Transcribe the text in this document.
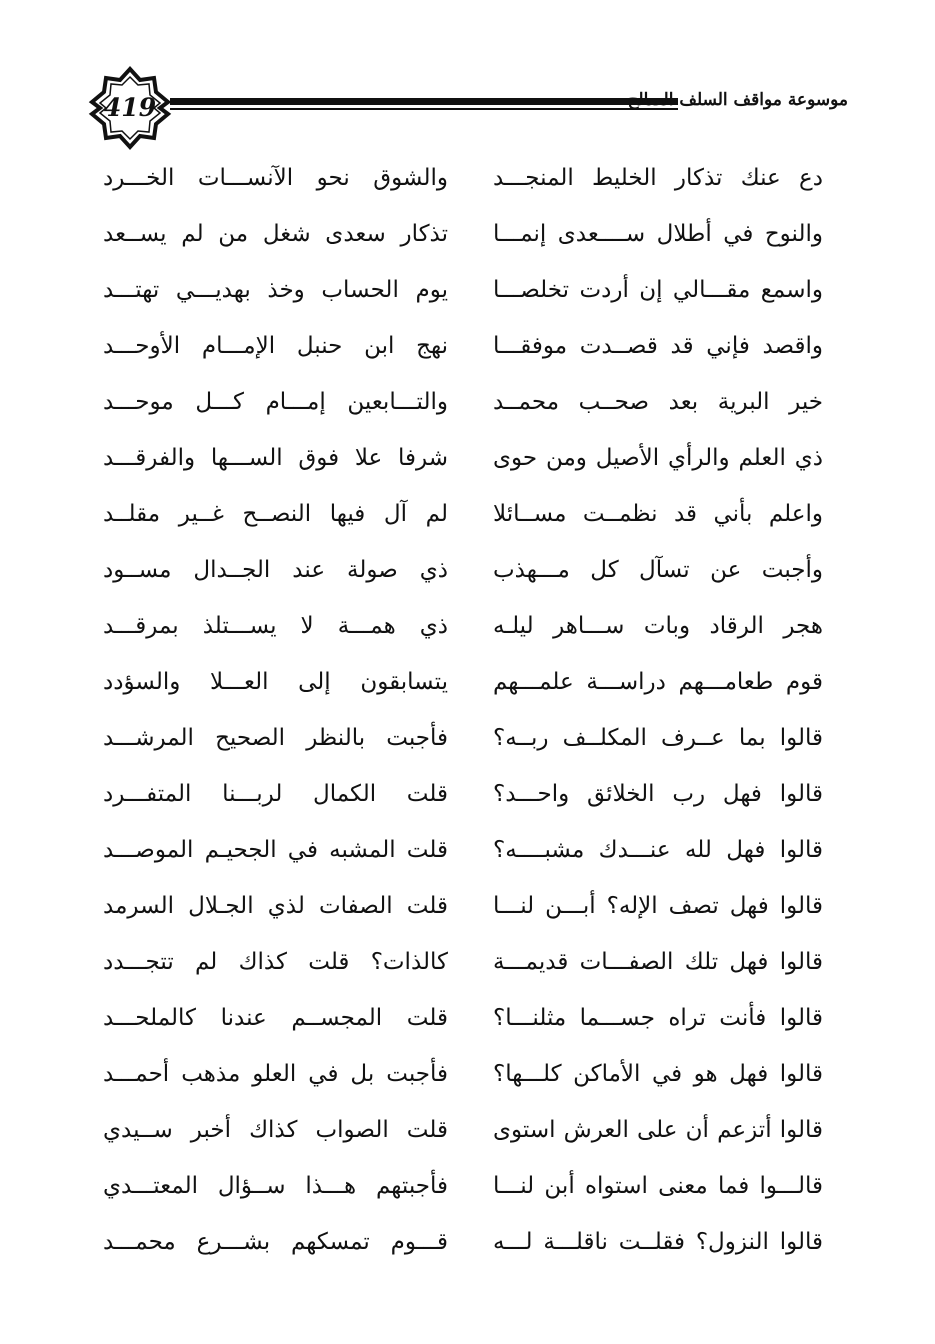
419	موسوعة مواقف السلف الصالح
دع عنك تذكار الخليط المنجـــد
والشوق نحو الآنســـات الخـــرد
والنوح في أطلال ســــعدى إنمـــا
تذكار سعدى شغل من لم يســعد
واسمع مقـــالي إن أردت تخلصـــا
يوم الحساب وخذ بهديـــي تهتـــد
واقصد فإني قد قصــدت موفقـــا
نهج ابن حنبل الإمـــام الأوحـــد
خير البرية بعد صحــب محمــد
والتـــابعين إمـــام كـــل موحـــد
ذي العلم والرأي الأصيل ومن حوى
شرفا علا فوق الســـها والفرقـــد
واعلم بأني قد نظمــت مســائلا
لم آل فيها النصــح غــير مقلــد
وأجبت عن تسآل كل مـــهذب
ذي صولة عند الجــدال مســود
هجر الرقاد وبات ســـاهر ليلـه
ذي همـــة لا يســـتلذ بمرقـــد
قوم طعامـــهم دراســـة علمـــهم
يتسابقون إلى العـــلا والسؤدد
قالوا بما عــرف المكلــف ربــه؟
فأجبت بالنظر الصحيح المرشـــد
قالوا فهل رب الخلائق واحـــد؟
قلت الكمال لربـــنا المتفـــرد
قالوا فهل لله عنـــدك مشبــــه؟
قلت المشبه في الجحيـم الموصـــد
قالوا فهل تصف الإله؟ أبـــن لنـــا
قلت الصفات لذي الجـلال السرمد
قالوا فهل تلك الصفـــات قديمـــة
كالذات؟ قلت كذاك لم تتجـــدد
قالوا فأنت تراه جســـما مثلنـــا؟
قلت المجســم عندنا كالملحـــد
قالوا فهل هو في الأماكن كلـــها؟
فأجبت بل في العلو مذهب أحمـــد
قالوا أتزعم أن على العرش استوى
قلت الصواب كذاك أخبر ســيدي
قالـــوا فما معنى استواه أبن لنـــا
فأجبتهم هـــذا ســؤال المعتـــدي
قالوا النزول؟ فقلــت ناقلـــة لـــه
قـــوم تمسكهم بشـــرع محمـــد
